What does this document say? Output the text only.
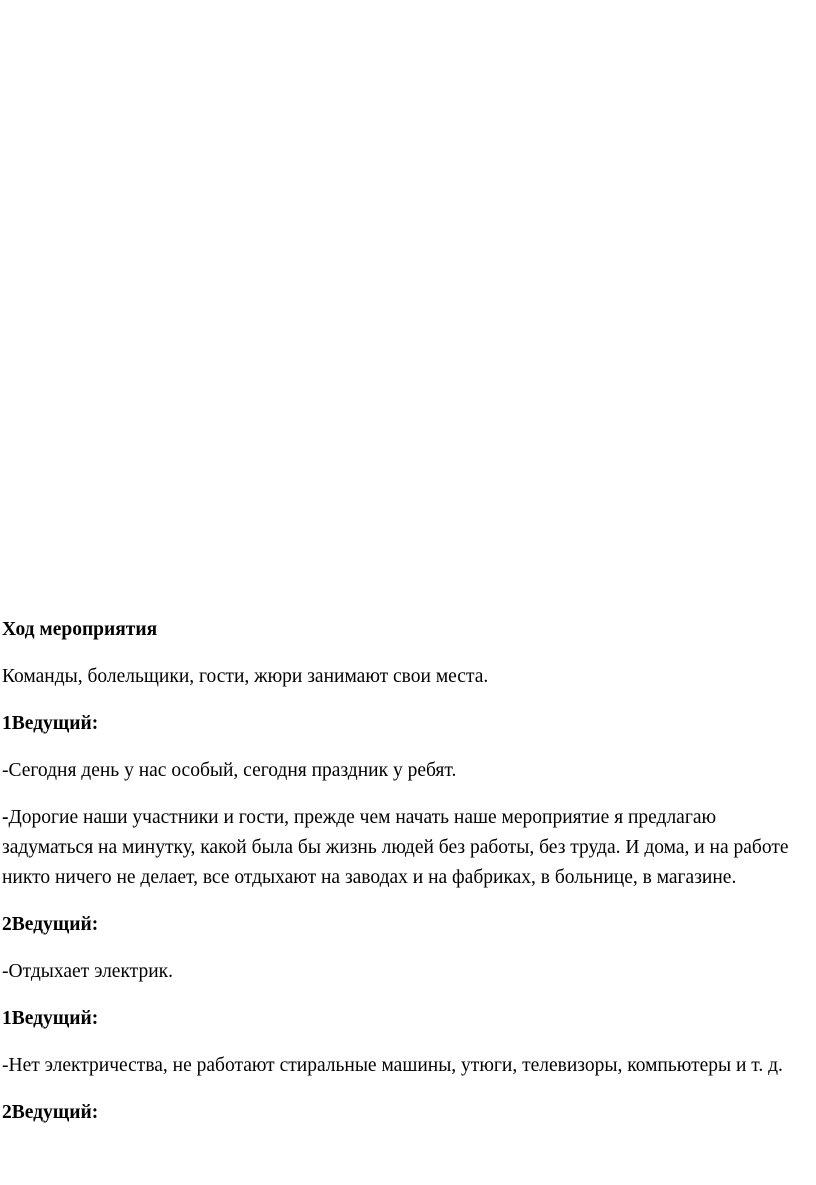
Ход мероприятия

Команды, болельщики, гости, жюри занимают свои места.

1Ведущий:

-Сегодня день у нас особый, сегодня праздник у ребят.

-Дорогие наши участники и гости, прежде чем начать наше мероприятие я предлагаю задуматься на минутку, какой была бы жизнь людей без работы, без труда. И дома, и на работе никто ничего не делает, все отдыхают на заводах и на фабриках, в больнице, в магазине.

2Ведущий:

-Отдыхает электрик.

1Ведущий:

-Нет электричества, не работают стиральные машины, утюги, телевизоры, компьютеры и т. д.

2Ведущий:
